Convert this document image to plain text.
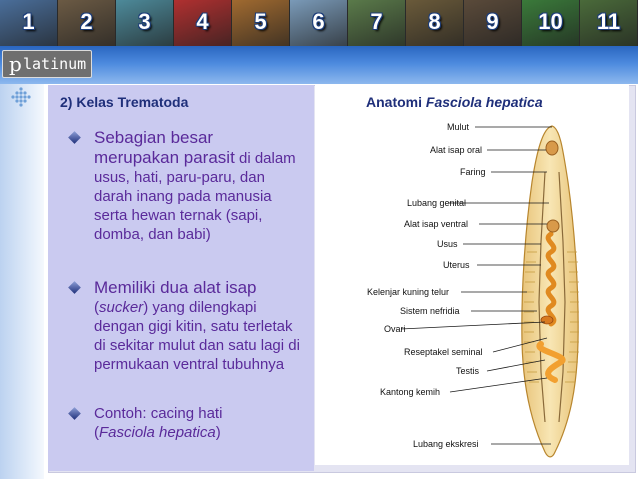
1	2	3	4	5	6	7	8	9	10	11
p latinum
2) Kelas Trematoda
Sebagian besar merupakan parasit di dalam usus, hati, paru-paru, dan darah inang pada manusia serta hewan ternak (sapi, domba, dan babi)
Memiliki dua alat isap (sucker) yang dilengkapi dengan gigi kitin, satu terletak di sekitar mulut dan satu lagi di permukaan ventral tubuhnya
Contoh: cacing hati
(Fasciola hepatica)
Anatomi Fasciola hepatica
Mulut
Alat isap oral
Faring
Lubang genital
Alat isap ventral
Usus
Uterus
Kelenjar kuning telur
Sistem nefridia
Ovari
Reseptakel seminal
Testis
Kantong kemih
Lubang ekskresi
